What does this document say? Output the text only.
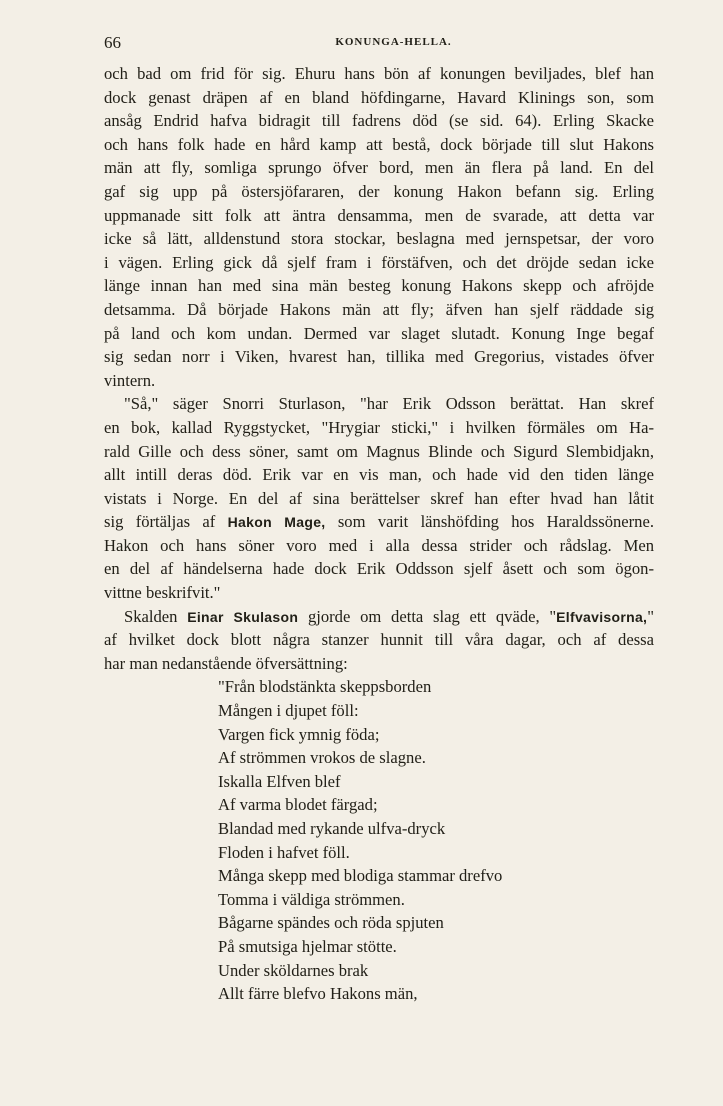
66	KONUNGA-HELLA.
och bad om frid för sig. Ehuru hans bön af konungen beviljades, blef han
dock genast dräpen af en bland höfdingarne, Havard Klinings son, som
ansåg Endrid hafva bidragit till fadrens död (se sid. 64). Erling Skacke
och hans folk hade en hård kamp att bestå, dock började till slut Hakons
män att fly, somliga sprungo öfver bord, men än flera på land. En del
gaf sig upp på östersjöfararen, der konung Hakon befann sig. Erling
uppmanade sitt folk att äntra densamma, men de svarade, att detta var
icke så lätt, alldenstund stora stockar, beslagna med jernspetsar, der voro
i vägen. Erling gick då sjelf fram i förstäfven, och det dröjde sedan icke
länge innan han med sina män besteg konung Hakons skepp och afröjde
detsamma. Då började Hakons män att fly; äfven han sjelf räddade sig
på land och kom undan. Dermed var slaget slutadt. Konung Inge begaf
sig sedan norr i Viken, hvarest han, tillika med Gregorius, vistades öfver
vintern.
"Så," säger Snorri Sturlason, "har Erik Odsson berättat. Han skref
en bok, kallad Ryggstycket, "Hrygiar sticki," i hvilken förmäles om Ha-
rald Gille och dess söner, samt om Magnus Blinde och Sigurd Slembidjakn,
allt intill deras död. Erik var en vis man, och hade vid den tiden länge
vistats i Norge. En del af sina berättelser skref han efter hvad han låtit
sig förtäljas af Hakon Mage, som varit länshöfding hos Haraldssönerne.
Hakon och hans söner voro med i alla dessa strider och rådslag. Men
en del af händelserna hade dock Erik Oddsson sjelf åsett och som ögon-
vittne beskrifvit."
Skalden Einar Skulason gjorde om detta slag ett qväde, "Elfvavisorna,"
af hvilket dock blott några stanzer hunnit till våra dagar, och af dessa
har man nedanstående öfversättning:
"Från blodstänkta skeppsborden
Mången i djupet föll:
Vargen fick ymnig föda;
Af strömmen vrokos de slagne.
Iskalla Elfven blef
Af varma blodet färgad;
Blandad med rykande ulfva-dryck
Floden i hafvet föll.
Många skepp med blodiga stammar drefvo
Tomma i väldiga strömmen.
Bågarne spändes och röda spjuten
På smutsiga hjelmar stötte.
Under sköldarnes brak
Allt färre blefvo Hakons män,
